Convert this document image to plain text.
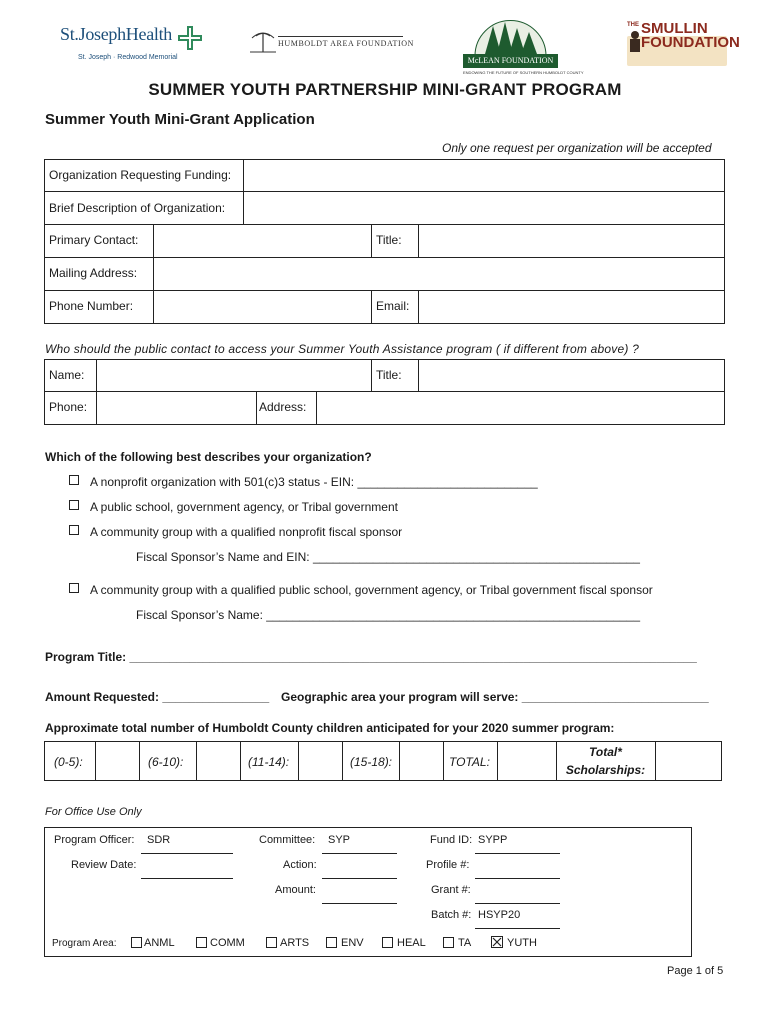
St.JosephHealth
St. Joseph · Redwood Memorial
HUMBOLDT AREA FOUNDATION
McLEAN FOUNDATION
ENDOWING THE FUTURE OF SOUTHERN HUMBOLDT COUNTY
THE SMULLIN
FOUNDATION
SUMMER YOUTH PARTNERSHIP MINI-GRANT PROGRAM
Summer Youth Mini-Grant Application
Only one request per organization will be accepted
Organization Requesting Funding:
Brief Description of Organization:
Primary Contact:	Title:
Mailing Address:
Phone Number:	Email:
Who should the public contact to access your Summer Youth Assistance program ( if different from above) ?
Name:	Title:
Phone:	Address:
Which of the following best describes your organization?
A nonprofit organization with 501(c)3 status - EIN: ___________________________
A public school, government agency, or Tribal government
A community group with a qualified nonprofit fiscal sponsor
Fiscal Sponsor’s Name and EIN: _________________________________________________
A community group with a qualified public school, government agency, or Tribal government fiscal sponsor
Fiscal Sponsor’s Name: ________________________________________________________
Program Title: _____________________________________________________________________________________
Amount Requested: ________________ Geographic area your program will serve: ____________________________
Approximate total number of Humboldt County children anticipated for your 2020 summer program:
(0-5):	(6-10):	(11-14):	(15-18):	TOTAL:
Total*
Scholarships:
For Office Use Only
Program Officer: SDR	Committee: SYP	Fund ID: SYPP
Review Date:	Action:	Profile #:
Amount:	Grant #:
Batch #: HSYP20
Program Area:	ANML	COMM	ARTS	ENV	HEAL	TA	YUTH
Page 1 of 5
